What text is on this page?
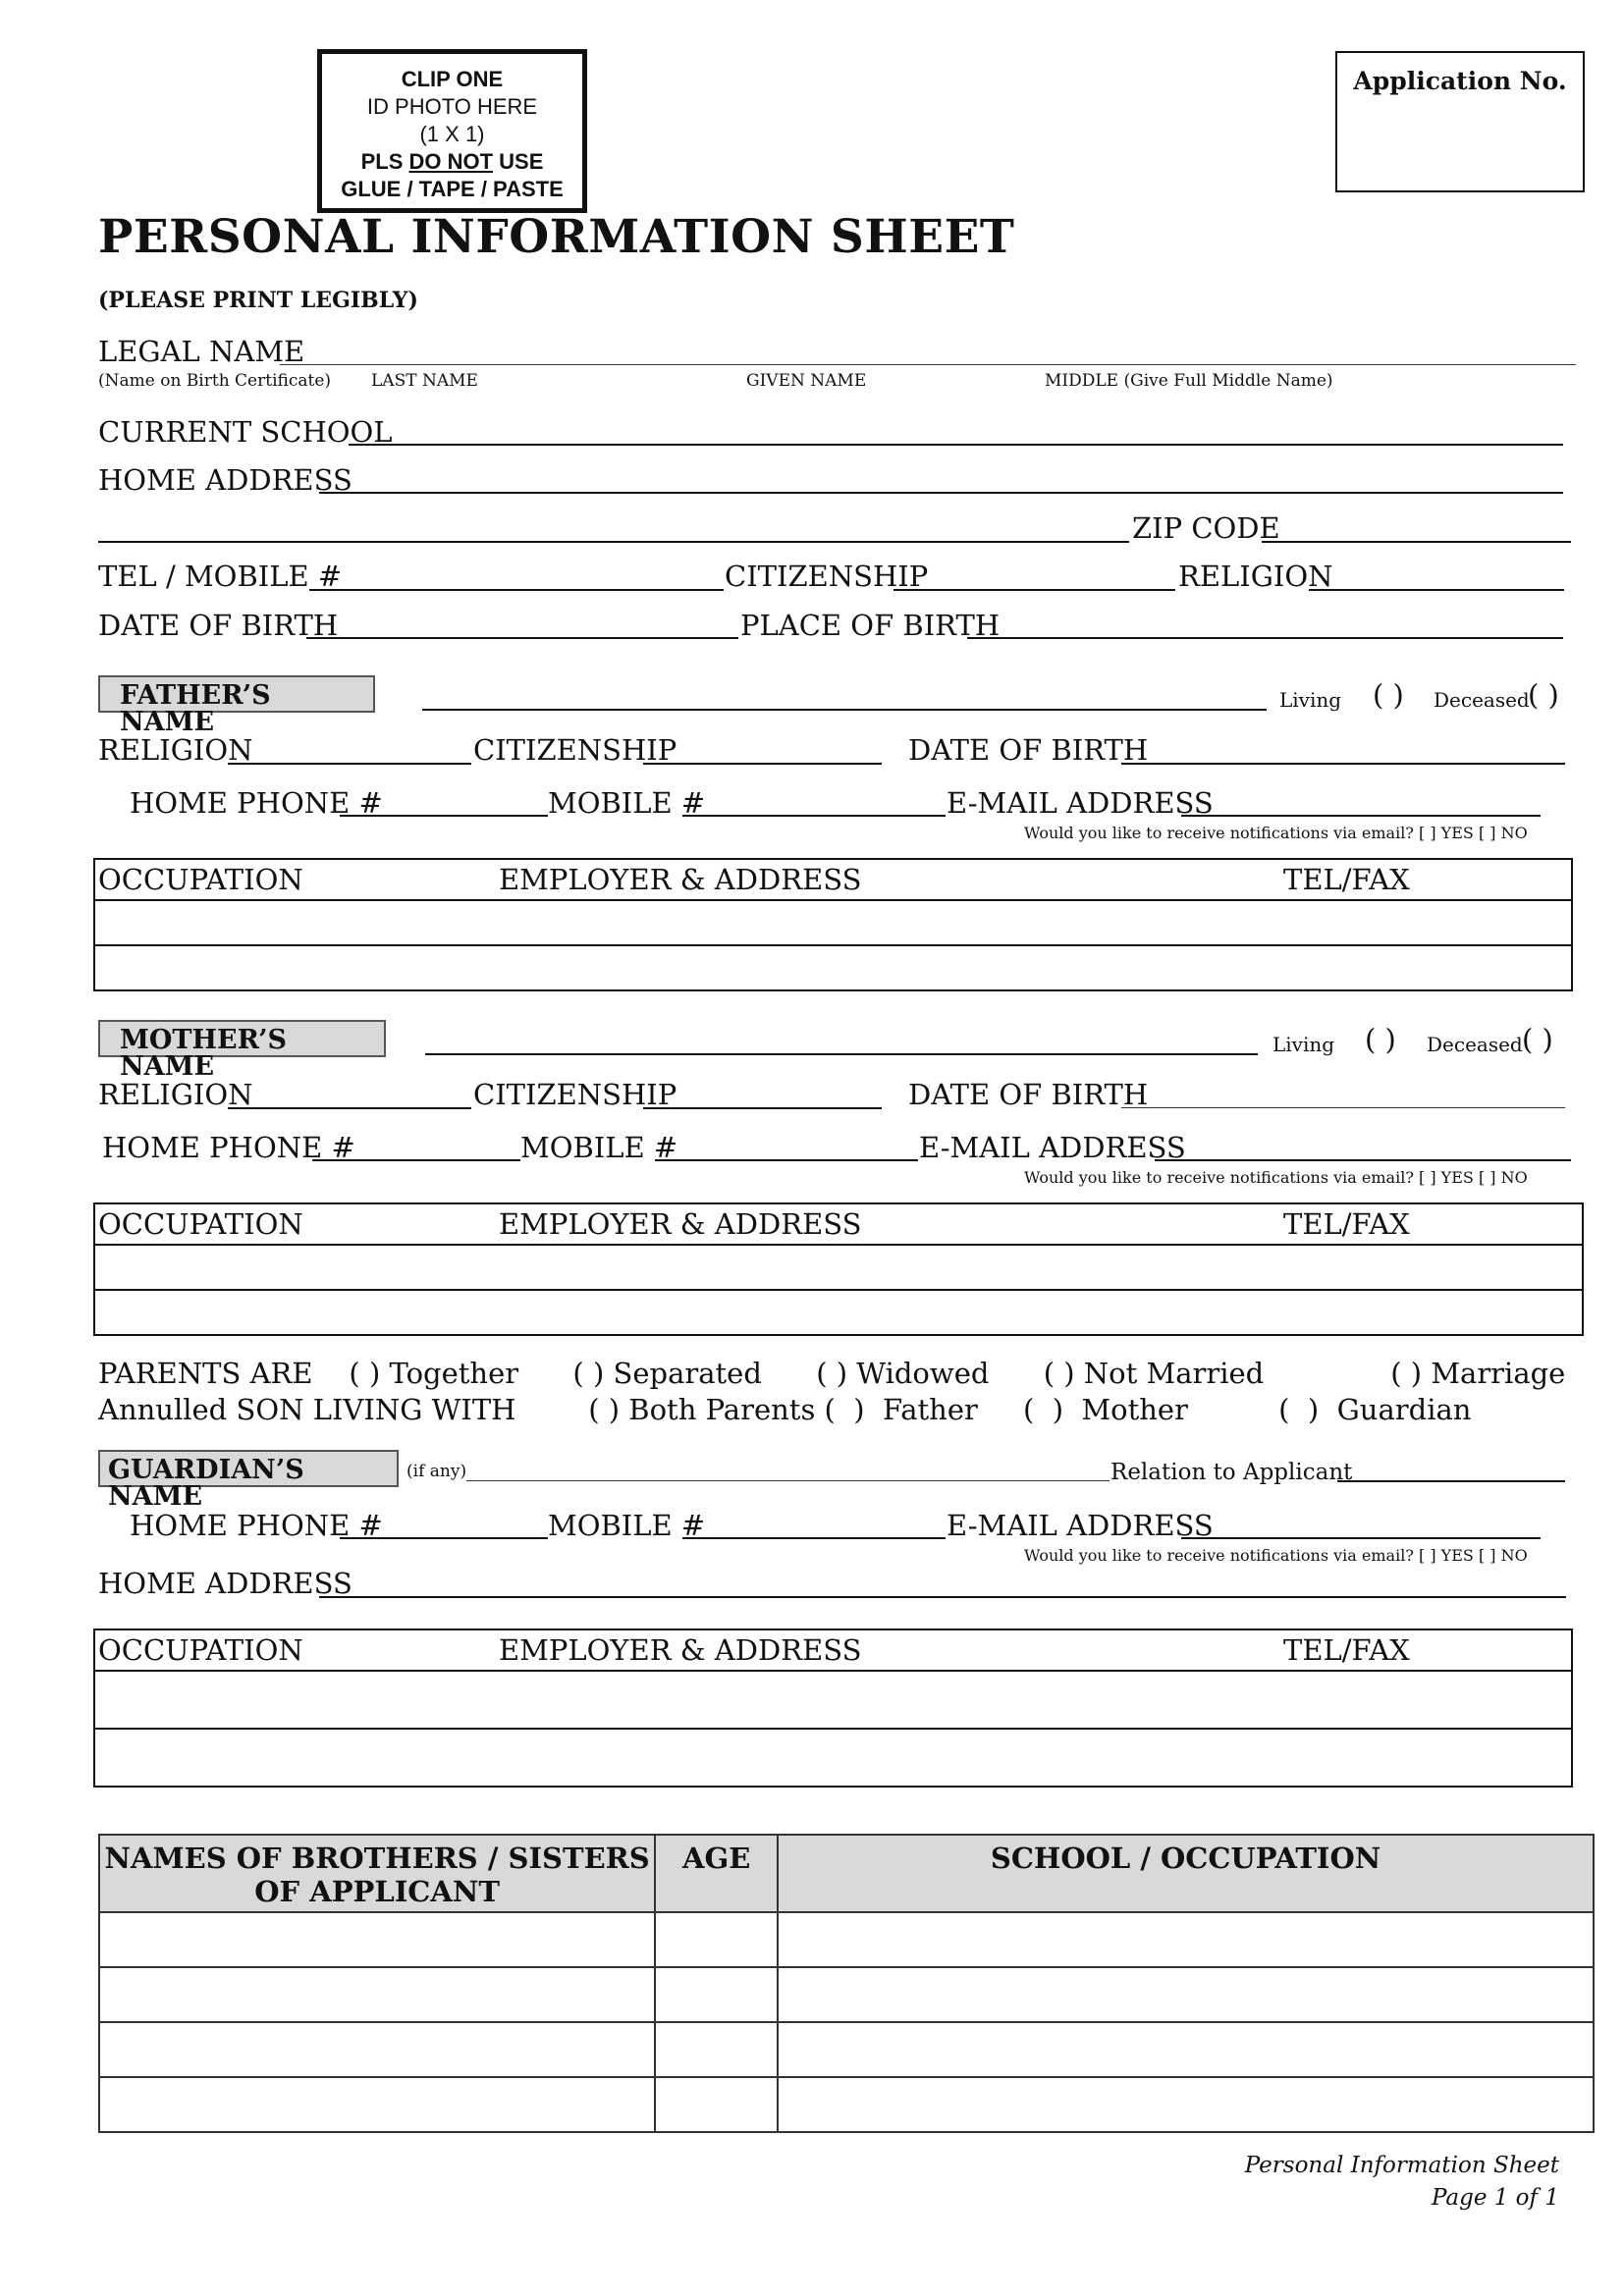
CLIP ONE
ID PHOTO HERE
(1 X 1)
PLS DO NOT USE
GLUE / TAPE / PASTE
Application No.
PERSONAL INFORMATION SHEET
(PLEASE PRINT LEGIBLY)
LEGAL NAME
(Name on Birth Certificate) LAST NAME	GIVEN NAME	MIDDLE (Give Full Middle Name)
CURRENT SCHOOL
HOME ADDRESS
ZIP CODE
TEL / MOBILE #	CITIZENSHIP	RELIGION
DATE OF BIRTH	PLACE OF BIRTH
FATHER’S NAME
Living ( ) Deceased
( )
RELIGION	CITIZENSHIP	DATE OF BIRTH
HOME PHONE #	MOBILE #	E-MAIL ADDRESS
Would you like to receive notifications via email? [ ] YES [ ] NO
OCCUPATION	EMPLOYER & ADDRESS	TEL/FAX
MOTHER’S NAME
Living ( ) Deceased ( )
RELIGION	CITIZENSHIP	DATE OF BIRTH
HOME PHONE #	MOBILE #	E-MAIL ADDRESS
Would you like to receive notifications via email? [ ] YES [ ] NO
OCCUPATION	EMPLOYER & ADDRESS	TEL/FAX
PARENTS ARE    ( ) Together      ( ) Separated      ( ) Widowed      ( ) Not Married              ( ) Marriage
Annulled SON LIVING WITH        ( ) Both Parents (  )  Father     (  )  Mother          (  )  Guardian
GUARDIAN’S NAME
(if any)	Relation to Applicant
HOME PHONE #	MOBILE #	E-MAIL ADDRESS
Would you like to receive notifications via email? [ ] YES [ ] NO
HOME ADDRESS
OCCUPATION	EMPLOYER & ADDRESS	TEL/FAX
NAMES OF BROTHERS / SISTERS
OF APPLICANT	AGE	SCHOOL / OCCUPATION

Personal Information Sheet
Page 1 of 1
